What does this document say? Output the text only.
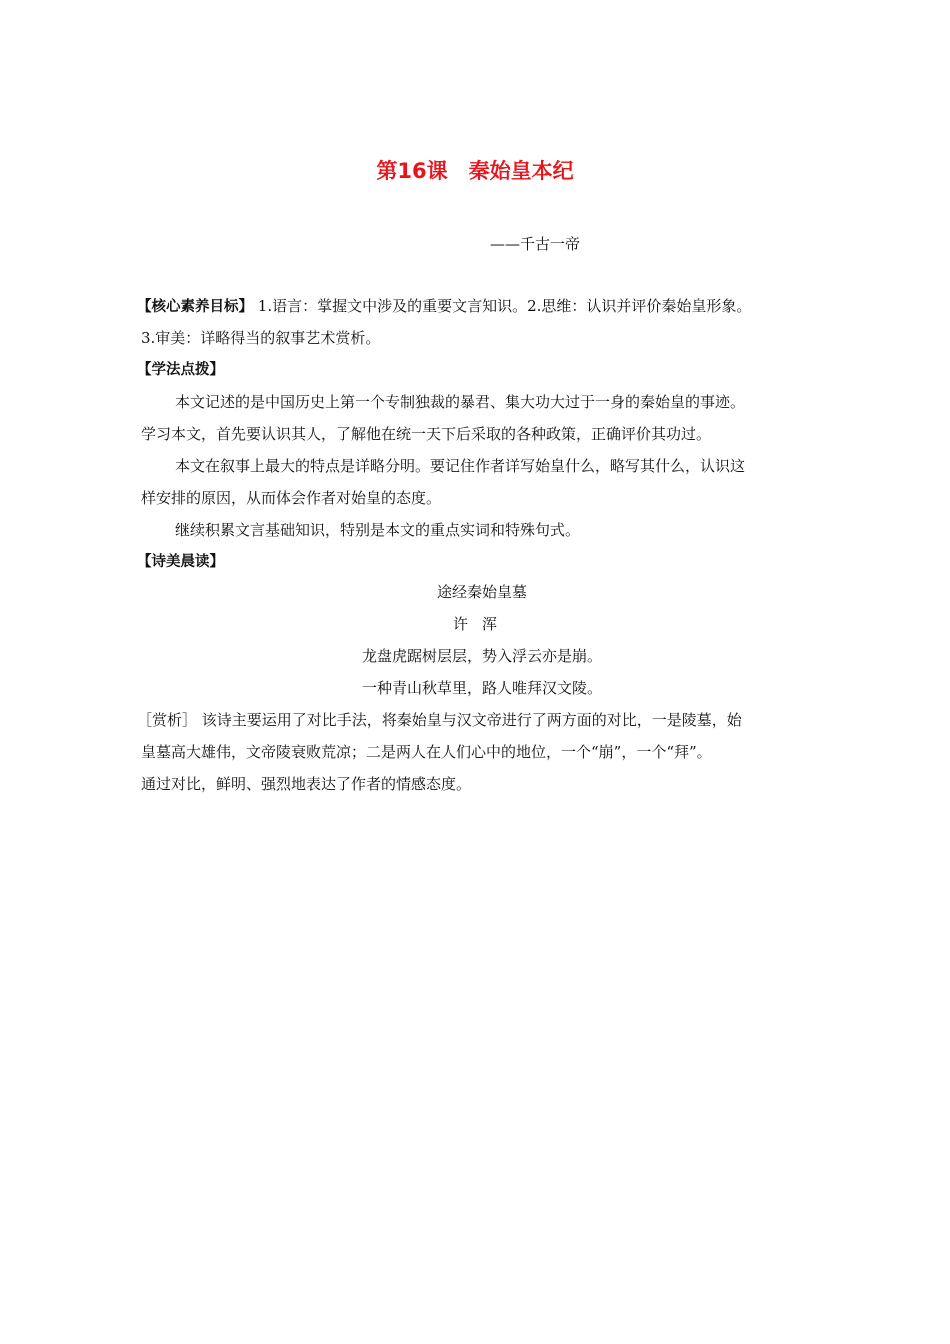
第16课　秦始皇本纪
——千古一帝
【核心素养目标】 1.语言：掌握文中涉及的重要文言知识。2.思维：认识并评价秦始皇形象。
3.审美：详略得当的叙事艺术赏析。
【学法点拨】
本文记述的是中国历史上第一个专制独裁的暴君、集大功大过于一身的秦始皇的事迹。
学习本文，首先要认识其人，了解他在统一天下后采取的各种政策，正确评价其功过。
本文在叙事上最大的特点是详略分明。要记住作者详写始皇什么，略写其什么，认识这
样安排的原因，从而体会作者对始皇的态度。
继续积累文言基础知识，特别是本文的重点实词和特殊句式。
【诗美晨读】
途经秦始皇墓
许浑
龙盘虎踞树层层，势入浮云亦是崩。
一种青山秋草里，路人唯拜汉文陵。
［赏析］ 该诗主要运用了对比手法，将秦始皇与汉文帝进行了两方面的对比，一是陵墓，始
皇墓高大雄伟，文帝陵衰败荒凉；二是两人在人们心中的地位，一个“崩”，一个“拜”。
通过对比，鲜明、强烈地表达了作者的情感态度。
